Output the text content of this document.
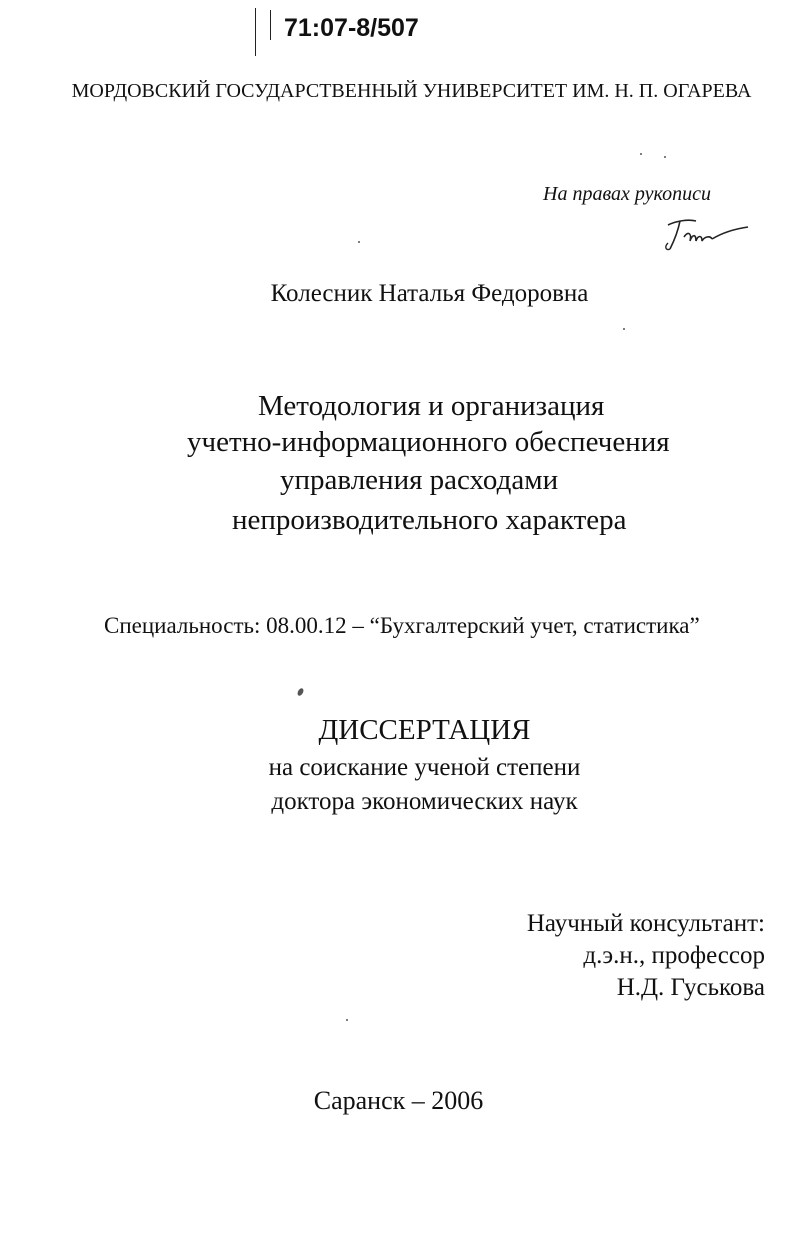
71:07-8/507
МОРДОВСКИЙ ГОСУДАРСТВЕННЫЙ УНИВЕРСИТЕТ ИМ. Н. П. ОГАРЕВА
На правах рукописи
Колесник Наталья Федоровна
Методология и организация
учетно-информационного обеспечения
управления расходами
непроизводительного характера
Специальность: 08.00.12 – “Бухгалтерский учет, статистика”
ДИССЕРТАЦИЯ
на соискание ученой степени
доктора экономических наук
Научный консультант:
д.э.н., профессор
Н.Д. Гуськова
Саранск – 2006
